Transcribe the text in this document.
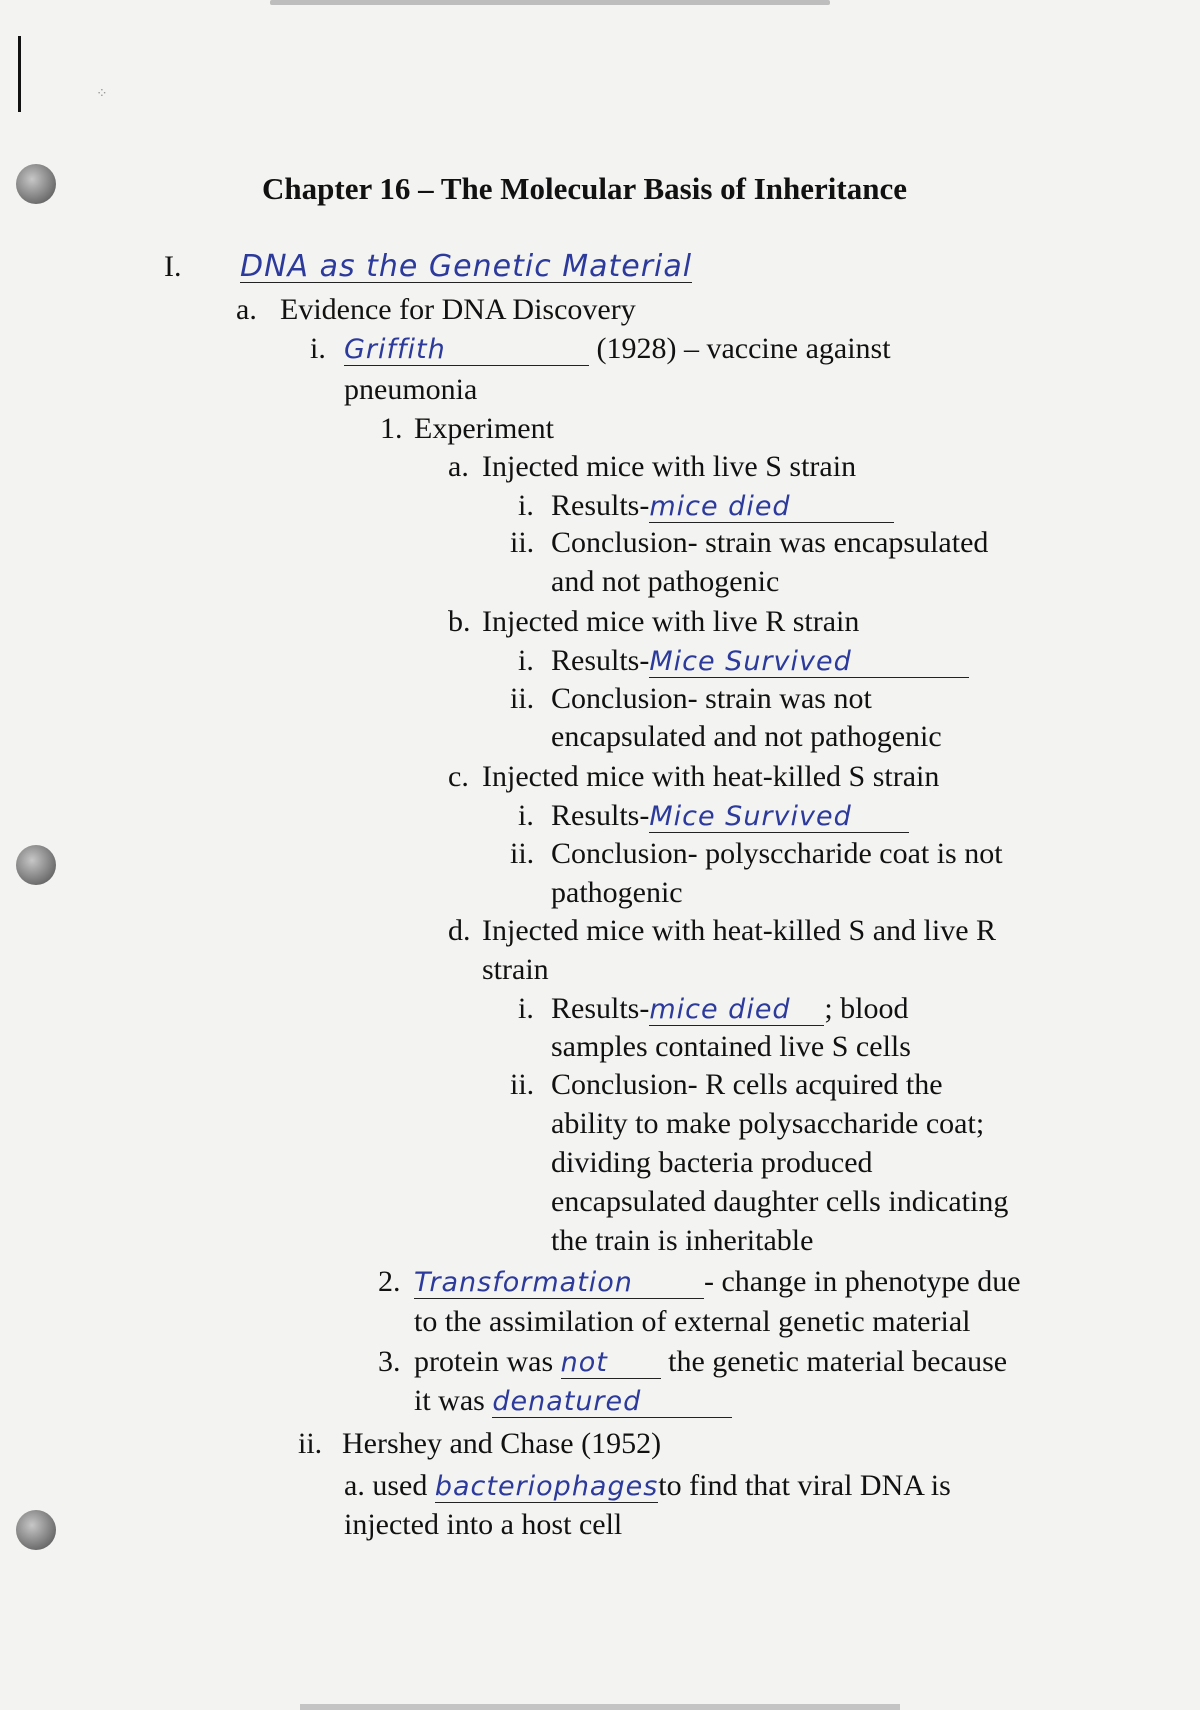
⁘
Chapter 16 – The Molecular Basis of Inheritance
I. DNA as the Genetic Material
a. Evidence for DNA Discovery
i. Griffith	(1928) – vaccine against
pneumonia
1. Experiment
a. Injected mice with live S strain
i. Results-mice died
ii. Conclusion- strain was encapsulated
and not pathogenic
b. Injected mice with live R strain
i. Results-Mice Survived
ii. Conclusion- strain was not
encapsulated and not pathogenic
c. Injected mice with heat-killed S strain
i. Results-Mice Survived
ii. Conclusion- polysccharide coat is not
pathogenic
d. Injected mice with heat-killed S and live R
strain
i. Results-mice died ; blood
samples contained live S cells
ii. Conclusion- R cells acquired the
ability to make polysaccharide coat;
dividing bacteria produced
encapsulated daughter cells indicating
the train is inheritable
2. Transformation - change in phenotype due
to the assimilation of external genetic material
3. protein was not the genetic material because
it was denatured
ii. Hershey and Chase (1952)
a. used bacteriophagesto find that viral DNA is
injected into a host cell
